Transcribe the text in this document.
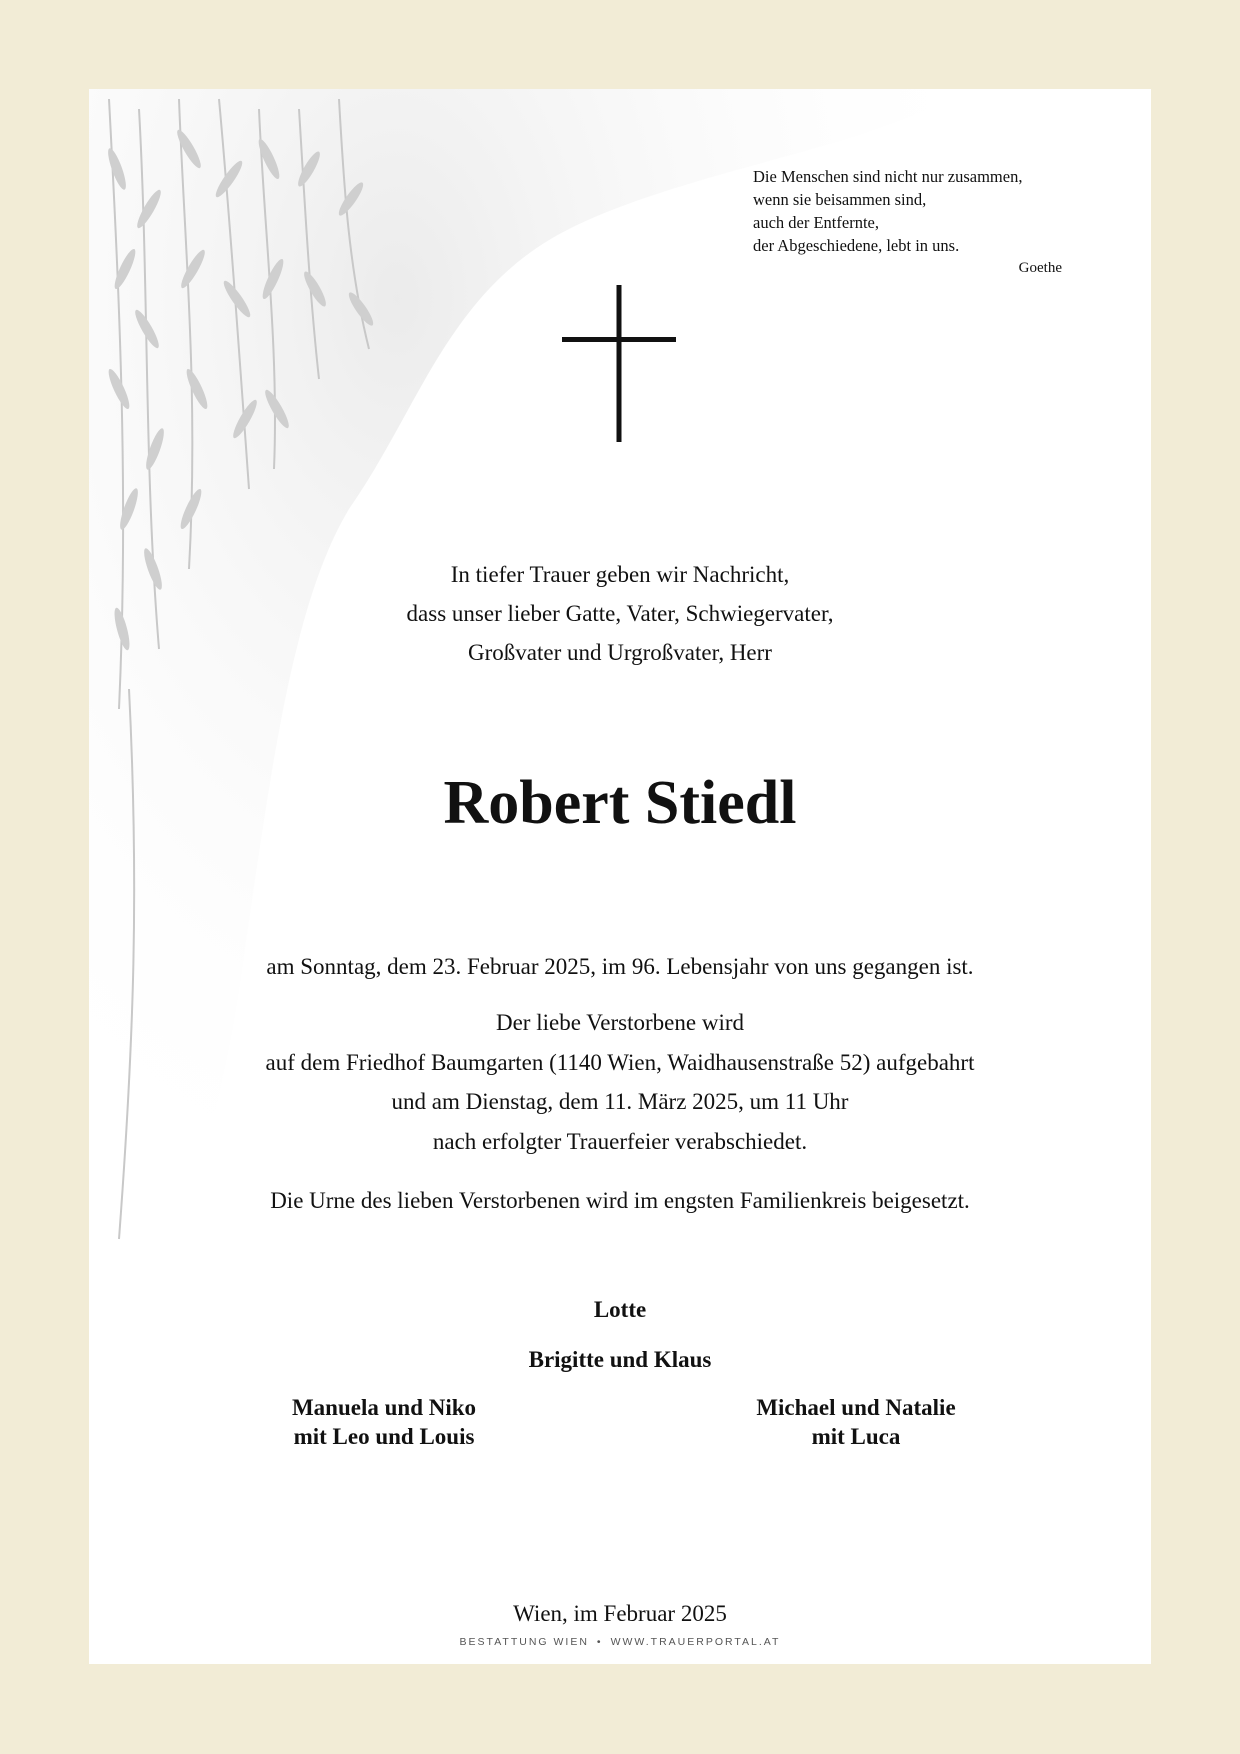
Die Menschen sind nicht nur zusammen,
wenn sie beisammen sind,
auch der Entfernte,
der Abgeschiedene, lebt in uns.
Goethe
In tiefer Trauer geben wir Nachricht,
dass unser lieber Gatte, Vater, Schwiegervater,
Großvater und Urgroßvater, Herr
Robert Stiedl
am Sonntag, dem 23. Februar 2025, im 96. Lebensjahr von uns gegangen ist.
Der liebe Verstorbene wird
auf dem Friedhof Baumgarten (1140 Wien, Waidhausenstraße 52) aufgebahrt
und am Dienstag, dem 11. März 2025, um 11 Uhr
nach erfolgter Trauerfeier verabschiedet.
Die Urne des lieben Verstorbenen wird im engsten Familienkreis beigesetzt.
Lotte
Brigitte und Klaus
Manuela und Niko
mit Leo und Louis
Michael und Natalie
mit Luca
Wien, im Februar 2025
BESTATTUNG WIEN • WWW.TRAUERPORTAL.AT
